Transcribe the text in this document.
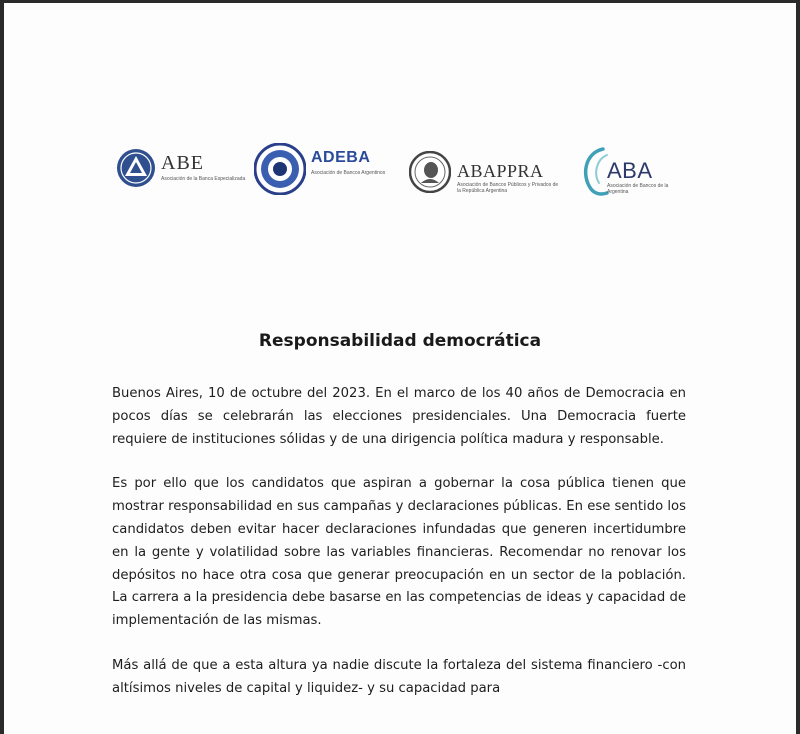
ABE
Asociación de la Banca Especializada
ADEBA
Asociación de Bancos Argentinos	ABAPPRA
Asociación de Bancos Públicos y Privados de la República Argentina
ABA
Asociación de Bancos de la Argentina
Responsabilidad democrática

Buenos Aires, 10 de octubre del 2023. En el marco de los 40 años de Democracia en pocos días se celebrarán las elecciones presidenciales. Una Democracia fuerte requiere de instituciones sólidas y de una dirigencia política madura y responsable.

Es por ello que los candidatos que aspiran a gobernar la cosa pública tienen que mostrar responsabilidad en sus campañas y declaraciones públicas. En ese sentido los candidatos deben evitar hacer declaraciones infundadas que generen incertidumbre en la gente y volatilidad sobre las variables financieras. Recomendar no renovar los depósitos no hace otra cosa que generar preocupación en un sector de la población. La carrera a la presidencia debe basarse en las competencias de ideas y capacidad de implementación de las mismas.

Más allá de que a esta altura ya nadie discute la fortaleza del sistema financiero -con altísimos niveles de capital y liquidez- y su capacidad para
